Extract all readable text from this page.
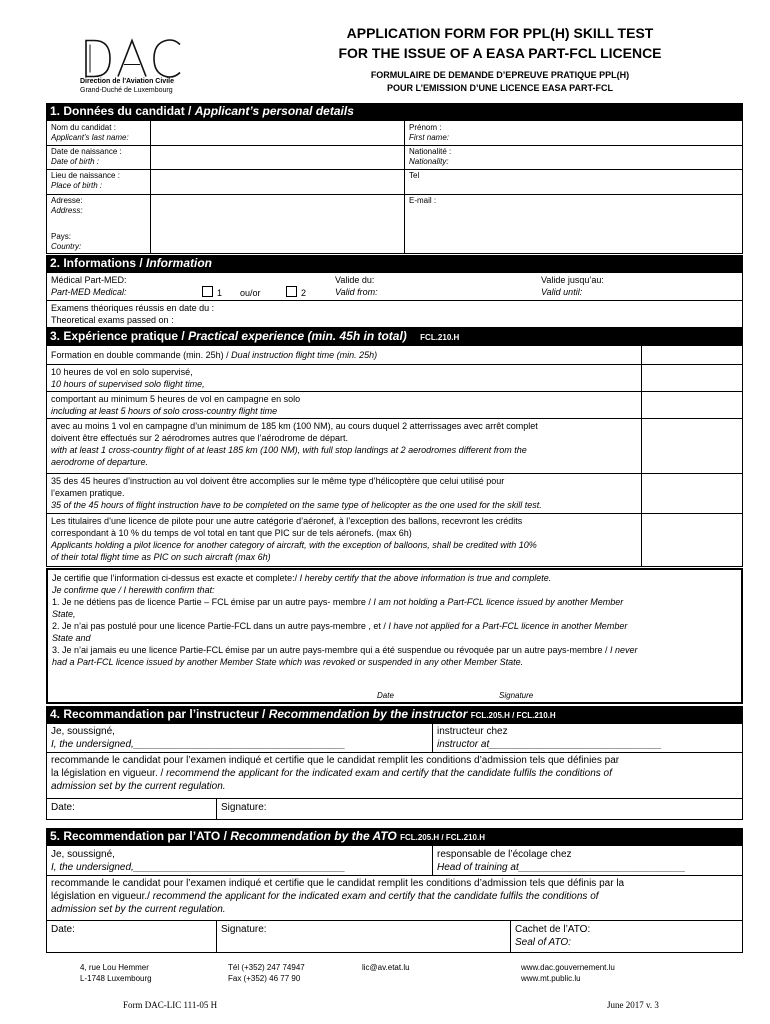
Direction de l'Aviation Civile
Grand-Duché de Luxembourg
APPLICATION FORM FOR PPL(H) SKILL TEST
FOR THE ISSUE OF A EASA PART-FCL LICENCE
FORMULAIRE DE DEMANDE D’EPREUVE PRATIQUE PPL(H)
POUR L’EMISSION D’UNE LICENCE EASA PART-FCL
1. Données du candidat / Applicant’s personal details
Nom du candidat :
Applicant’s last name:
Prénom :
First name:
Date de naissance :
Date of birth :
Nationalité :
Nationality:
Lieu de naissance :
Place of birth :
Tel
Adresse:
Address:
E-mail :
Pays:
Country:
2. Informations / Information
Médical Part-MED:
Part-MED Medical:	1	ou/or	2
Valide du:
Valid from:
Valide jusqu’au:
Valid until:
Examens théoriques réussis en date du :
Theoretical exams passed on :
3. Expérience pratique / Practical experience (min. 45h in total) FCL.210.H
Formation en double commande (min. 25h) / Dual instruction flight time (min. 25h)
10 heures de vol en solo supervisé,
10 hours of supervised solo flight time,
comportant au minimum 5 heures de vol en campagne en solo
including at least 5 hours of solo cross-country flight time
avec au moins 1 vol en campagne d’un minimum de 185 km (100 NM), au cours duquel 2 atterrissages avec arrêt complet
doivent être effectués sur 2 aérodromes autres que l’aérodrome de départ.
with at least 1 cross-country flight of at least 185 km (100 NM), with full stop landings at 2 aerodromes different from the
aerodrome of departure.
35 des 45 heures d’instruction au vol doivent être accomplies sur le même type d’hélicoptère que celui utilisé pour
l’examen pratique.
35 of the 45 hours of flight instruction have to be completed on the same type of helicopter as the one used for the skill test.
Les titulaires d’une licence de pilote pour une autre catégorie d’aéronef, à l’exception des ballons, recevront les crédits
correspondant à 10 % du temps de vol total en tant que PIC sur de tels aéronefs. (max 6h)
Applicants holding a pilot licence for another category of aircraft, with the exception of balloons, shall be credited with 10%
of their total flight time as PIC on such aircraft (max 6h)
Je certifie que l’information ci-dessus est exacte et complete:/ I hereby certify that the above information is true and complete.
Je confirme que / I herewith confirm that:
1. Je ne détiens pas de licence Partie – FCL émise par un autre pays- membre / I am not holding a Part-FCL licence issued by another Member
State,
2. Je n’ai pas postulé pour une licence Partie-FCL dans un autre pays-membre , et / I have not applied for a Part-FCL licence in another Member
State and
3. Je n’ai jamais eu une licence Partie-FCL émise par un autre pays-membre qui a été suspendue ou révoquée par un autre pays-membre / I never
had a Part-FCL licence issued by another Member State which was revoked or suspended in any other Member State.
Date	Signature
4. Recommandation par l’instructeur / Recommendation by the instructor FCL.205.H / FCL.210.H
Je, soussigné,
I, the undersigned,______________________________________
instructeur chez
instructor at_______________________________
recommande le candidat pour l’examen indiqué et certifie que le candidat remplit les conditions d’admission tels que définies par
la législation en vigueur. / recommend the applicant for the indicated exam and certify that the candidate fulfils the conditions of
admission set by the current regulation.
Date:	Signature:
5. Recommendation par l’ATO / Recommendation by the ATO FCL.205.H / FCL.210.H
Je, soussigné,
I, the undersigned,______________________________________
responsable de l’écolage chez
Head of training at______________________________
recommande le candidat pour l’examen indiqué et certifie que le candidat remplit les conditions d’admission tels que définis par la
législation en vigueur./ recommend the applicant for the indicated exam and certify that the candidate fulfils the conditions of
admission set by the current regulation.
Date:	Signature:	Cachet de l’ATO:
Seal of ATO:
4, rue Lou Hemmer
L-1748 Luxembourg
Tél (+352) 247 74947
Fax (+352) 46 77 90
lic@av.etat.lu	www.dac.gouvernement.lu
www.mt.public.lu
Form DAC-LIC 111-05 H	June 2017 v. 3
